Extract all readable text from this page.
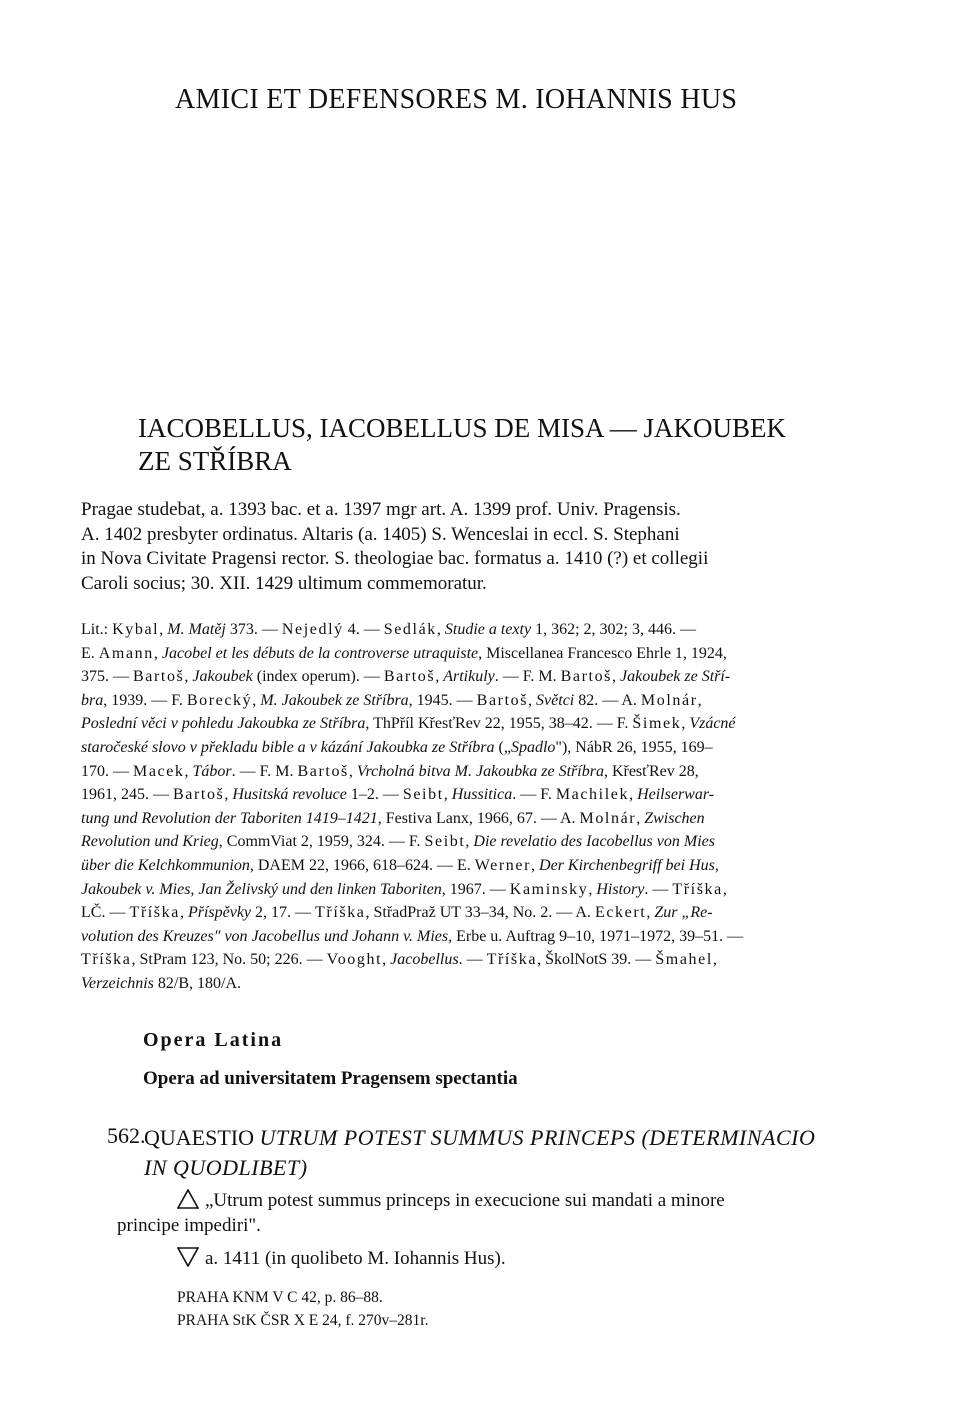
AMICI ET DEFENSORES M. IOHANNIS HUS
IACOBELLUS, IACOBELLUS DE MISA — JAKOUBEK
ZE STŘÍBRA
Pragae studebat, a. 1393 bac. et a. 1397 mgr art. A. 1399 prof. Univ. Pragensis.
A. 1402 presbyter ordinatus. Altaris (a. 1405) S. Wenceslai in eccl. S. Stephani
in Nova Civitate Pragensi rector. S. theologiae bac. formatus a. 1410 (?) et collegii
Caroli socius; 30. XII. 1429 ultimum commemoratur.
Lit.: Kybal, M. Matěj 373. — Nejedlý 4. — Sedlák, Studie a texty 1, 362; 2, 302; 3, 446. —
E. Amann, Jacobel et les débuts de la controverse utraquiste, Miscellanea Francesco Ehrle 1, 1924,
375. — Bartoš, Jakoubek (index operum). — Bartoš, Artikuly. — F. M. Bartoš, Jakoubek ze Stří-
bra, 1939. — F. Borecký, M. Jakoubek ze Stříbra, 1945. — Bartoš, Světci 82. — A. Molnár,
Poslední věci v pohledu Jakoubka ze Stříbra, ThPříl KřesťRev 22, 1955, 38–42. — F. Šimek, Vzácné
staročeské slovo v překladu bible a v kázání Jakoubka ze Stříbra („Spadlo"), NábR 26, 1955, 169–
170. — Macek, Tábor. — F. M. Bartoš, Vrcholná bitva M. Jakoubka ze Stříbra, KřesťRev 28,
1961, 245. — Bartoš, Husitská revoluce 1–2. — Seibt, Hussitica. — F. Machilek, Heilserwar-
tung und Revolution der Taboriten 1419–1421, Festiva Lanx, 1966, 67. — A. Molnár, Zwischen
Revolution und Krieg, CommViat 2, 1959, 324. — F. Seibt, Die revelatio des Iacobellus von Mies
über die Kelchkommunion, DAEM 22, 1966, 618–624. — E. Werner, Der Kirchenbegriff bei Hus,
Jakoubek v. Mies, Jan Želivský und den linken Taboriten, 1967. — Kaminsky, History. — Tříška,
LČ. — Tříška, Příspěvky 2, 17. — Tříška, StřadPraž UT 33–34, No. 2. — A. Eckert, Zur „Re-
volution des Kreuzes" von Jacobellus und Johann v. Mies, Erbe u. Auftrag 9–10, 1971–1972, 39–51. —
Tříška, StPram 123, No. 50; 226. — Vooght, Jacobellus. — Tříška, ŠkolNotS 39. — Šmahel,
Verzeichnis 82/B, 180/A.
Opera Latina
Opera ad universitatem Pragensem spectantia
562.
QUAESTIO UTRUM POTEST SUMMUS PRINCEPS (DETERMINACIO
IN QUODLIBET)
„Utrum potest summus princeps in execucione sui mandati a minore
principe impediri".
a. 1411 (in quolibeto M. Iohannis Hus).
PRAHA KNM V C 42, p. 86–88.
PRAHA StK ČSR X E 24, f. 270v–281r.
